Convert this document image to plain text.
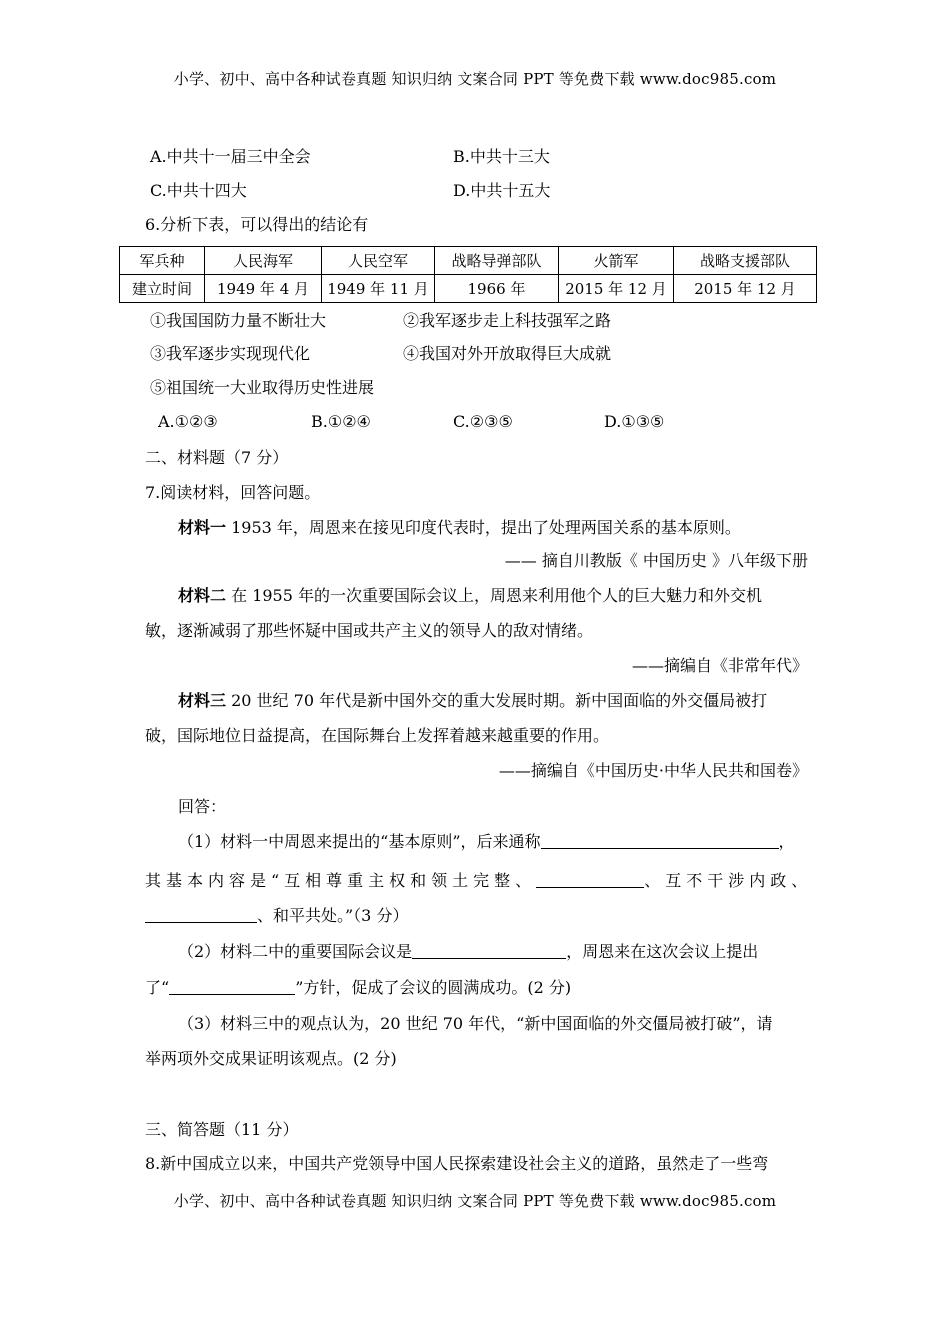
小学、初中、高中各种试卷真题 知识归纳 文案合同 PPT 等免费下载 www.doc985.com
A.中共十一届三中全会	B.中共十三大
C.中共十四大	D.中共十五大
6.分析下表，可以得出的结论有
军兵种	人民海军	人民空军	战略导弹部队	火箭军	战略支援部队
建立时间	1949 年 4 月	1949 年 11 月	1966 年	2015 年 12 月	2015 年 12 月
①我国国防力量不断壮大	②我军逐步走上科技强军之路
③我军逐步实现现代化	④我国对外开放取得巨大成就
⑤祖国统一大业取得历史性进展
A.①②③	B.①②④	C.②③⑤	D.①③⑤
二、材料题（7 分）
7.阅读材料，回答问题。
材料一 1953 年，周恩来在接见印度代表时，提出了处理两国关系的基本原则。
—— 摘自川教版《 中国历史 》八年级下册
材料二 在 1955 年的一次重要国际会议上，周恩来利用他个人的巨大魅力和外交机
敏，逐渐减弱了那些怀疑中国或共产主义的领导人的敌对情绪。
——摘编自《非常年代》
材料三 20 世纪 70 年代是新中国外交的重大发展时期。新中国面临的外交僵局被打
破，国际地位日益提高，在国际舞台上发挥着越来越重要的作用。
——摘编自《中国历史·中华人民共和国卷》
回答：
（1）材料一中周恩来提出的“基本原则”，后来通称	，
其基本内容是“互相尊重主权和领土完整、	、互不干涉内政、
、和平共处。”（3 分）
（2）材料二中的重要国际会议是	，周恩来在这次会议上提出
了“	”方针，促成了会议的圆满成功。(2 分)
（3）材料三中的观点认为，20 世纪 70 年代，“新中国面临的外交僵局被打破”，请
举两项外交成果证明该观点。(2 分)
三、简答题（11 分）
8.新中国成立以来，中国共产党领导中国人民探索建设社会主义的道路，虽然走了一些弯
小学、初中、高中各种试卷真题 知识归纳 文案合同 PPT 等免费下载 www.doc985.com
